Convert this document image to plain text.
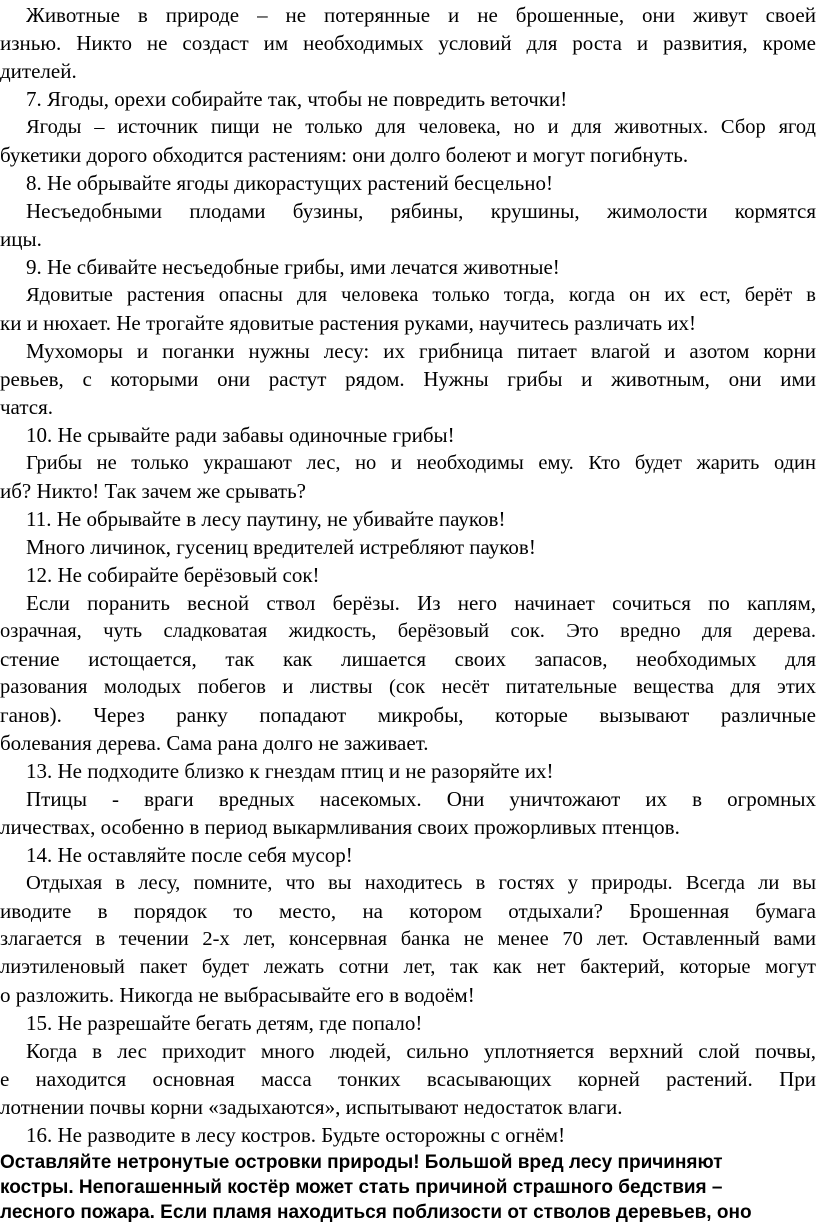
Животные в природе – не потерянные и не брошенные, они живут своей
изнью. Никто не создаст им необходимых условий для роста и развития, кроме
дителей.
7. Ягоды, орехи собирайте так, чтобы не повредить веточки!
Ягоды – источник пищи не только для человека, но и для животных. Сбор ягод
букетики дорого обходится растениям: они долго болеют и могут погибнуть.
8. Не обрывайте ягоды дикорастущих растений бесцельно!
Несъедобными плодами бузины, рябины, крушины, жимолости кормятся
ицы.
9. Не сбивайте несъедобные грибы, ими лечатся животные!
Ядовитые растения опасны для человека только тогда, когда он их ест, берёт в
ки и нюхает. Не трогайте ядовитые растения руками, научитесь различать их!
Мухоморы и поганки нужны лесу: их грибница питает влагой и азотом корни
ревьев, с которыми они растут рядом. Нужны грибы и животным, они ими
чатся.
10. Не срывайте ради забавы одиночные грибы!
Грибы не только украшают лес, но и необходимы ему. Кто будет жарить один
иб? Никто! Так зачем же срывать?
11. Не обрывайте в лесу паутину, не убивайте пауков!
Много личинок, гусениц вредителей истребляют пауков!
12. Не собирайте берёзовый сок!
Если поранить весной ствол берёзы. Из него начинает сочиться по каплям,
озрачная, чуть сладковатая жидкость, берёзовый сок. Это вредно для дерева.
стение истощается, так как лишается своих запасов, необходимых для
разования молодых побегов и листвы (сок несёт питательные вещества для этих
ганов). Через ранку попадают микробы, которые вызывают различные
болевания дерева. Сама рана долго не заживает.
13. Не подходите близко к гнездам птиц и не разоряйте их!
Птицы - враги вредных насекомых. Они уничтожают их в огромных
личествах, особенно в период выкармливания своих прожорливых птенцов.
14. Не оставляйте после себя мусор!
Отдыхая в лесу, помните, что вы находитесь в гостях у природы. Всегда ли вы
иводите в порядок то место, на котором отдыхали? Брошенная бумага
злагается в течении 2-х лет, консервная банка не менее 70 лет. Оставленный вами
лиэтиленовый пакет будет лежать сотни лет, так как нет бактерий, которые могут
о разложить. Никогда не выбрасывайте его в водоём!
15. Не разрешайте бегать детям, где попало!
Когда в лес приходит много людей, сильно уплотняется верхний слой почвы,
е находится основная масса тонких всасывающих корней растений. При
лотнении почвы корни «задыхаются», испытывают недостаток влаги.
16. Не разводите в лесу костров. Будьте осторожны с огнём!
Оставляйте нетронутые островки природы! Большой вред лесу причиняют
костры. Непогашенный костёр может стать причиной страшного бедствия –
лесного пожара. Если пламя находиться поблизости от стволов деревьев, оно
